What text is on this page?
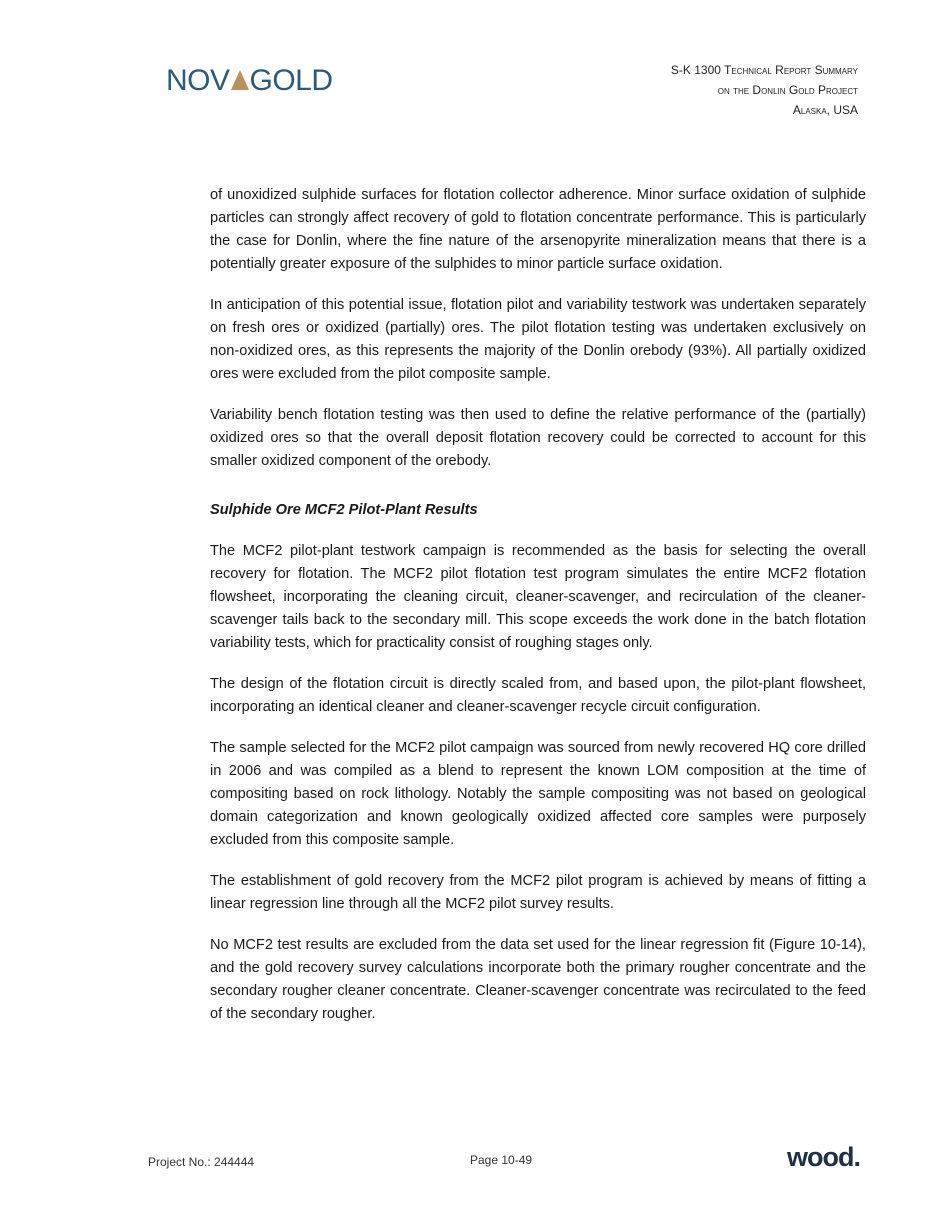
NOV GOLD	S-K 1300 Technical Report Summary
on the Donlin Gold Project
Alaska, USA

of unoxidized sulphide surfaces for flotation collector adherence. Minor surface oxidation of sulphide particles can strongly affect recovery of gold to flotation concentrate performance. This is particularly the case for Donlin, where the fine nature of the arsenopyrite mineralization means that there is a potentially greater exposure of the sulphides to minor particle surface oxidation.

In anticipation of this potential issue, flotation pilot and variability testwork was undertaken separately on fresh ores or oxidized (partially) ores. The pilot flotation testing was undertaken exclusively on non-oxidized ores, as this represents the majority of the Donlin orebody (93%). All partially oxidized ores were excluded from the pilot composite sample.

Variability bench flotation testing was then used to define the relative performance of the (partially) oxidized ores so that the overall deposit flotation recovery could be corrected to account for this smaller oxidized component of the orebody.

Sulphide Ore MCF2 Pilot-Plant Results

The MCF2 pilot-plant testwork campaign is recommended as the basis for selecting the overall recovery for flotation. The MCF2 pilot flotation test program simulates the entire MCF2 flotation flowsheet, incorporating the cleaning circuit, cleaner-scavenger, and recirculation of the cleaner-scavenger tails back to the secondary mill. This scope exceeds the work done in the batch flotation variability tests, which for practicality consist of roughing stages only.

The design of the flotation circuit is directly scaled from, and based upon, the pilot-plant flowsheet, incorporating an identical cleaner and cleaner-scavenger recycle circuit configuration.

The sample selected for the MCF2 pilot campaign was sourced from newly recovered HQ core drilled in 2006 and was compiled as a blend to represent the known LOM composition at the time of compositing based on rock lithology. Notably the sample compositing was not based on geological domain categorization and known geologically oxidized affected core samples were purposely excluded from this composite sample.

The establishment of gold recovery from the MCF2 pilot program is achieved by means of fitting a linear regression line through all the MCF2 pilot survey results.

No MCF2 test results are excluded from the data set used for the linear regression fit (Figure 10-14), and the gold recovery survey calculations incorporate both the primary rougher concentrate and the secondary rougher cleaner concentrate. Cleaner-scavenger concentrate was recirculated to the feed of the secondary rougher.

Project No.: 244444	Page 10-49	wood.
